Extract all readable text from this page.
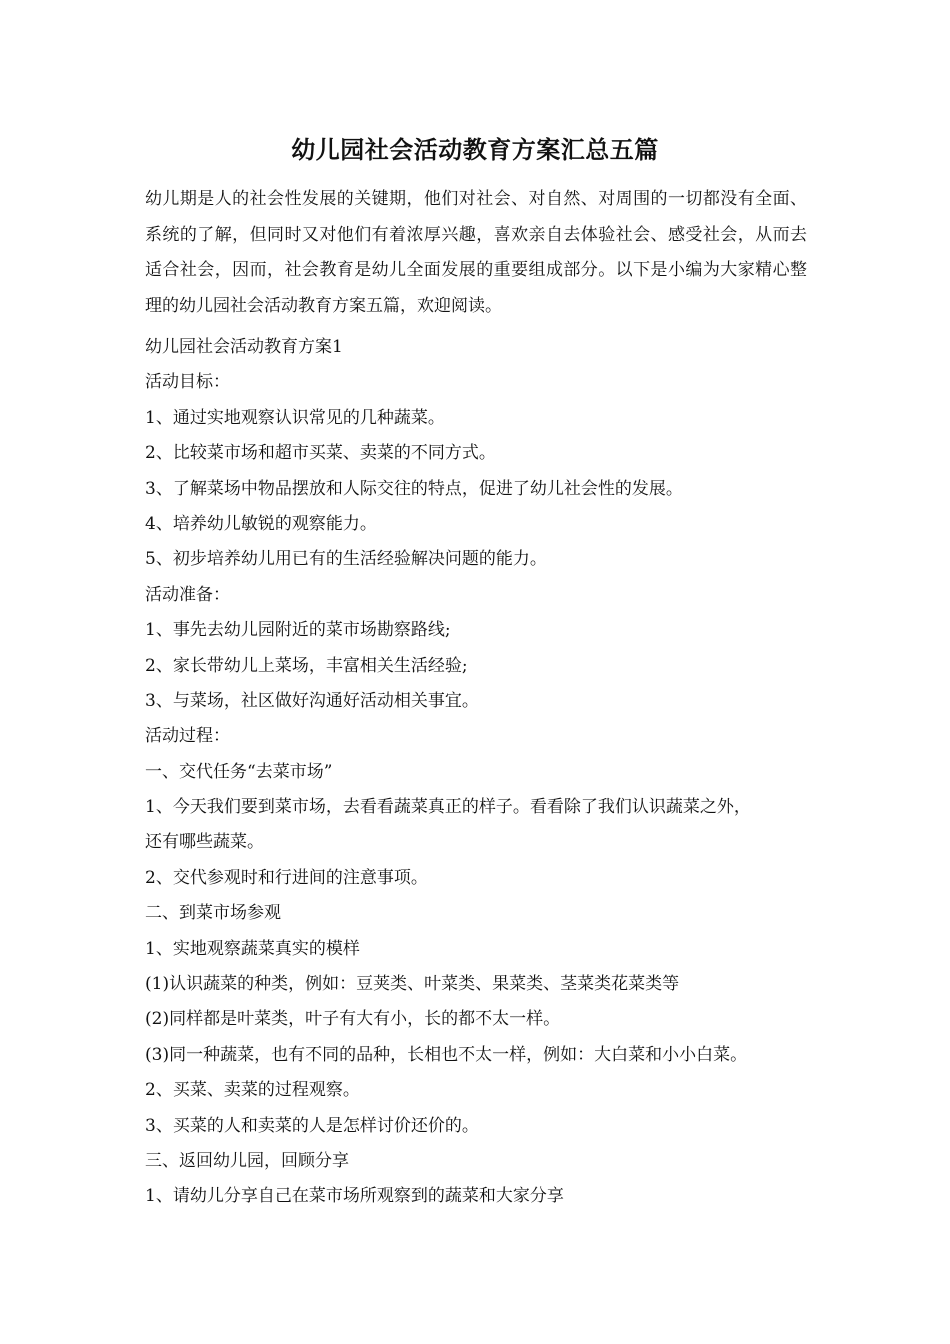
幼儿园社会活动教育方案汇总五篇
幼儿期是人的社会性发展的关键期，他们对社会、对自然、对周围的一切都没有全面、系统的了解，但同时又对他们有着浓厚兴趣，喜欢亲自去体验社会、感受社会，从而去适合社会，因而，社会教育是幼儿全面发展的重要组成部分。以下是小编为大家精心整理的幼儿园社会活动教育方案五篇，欢迎阅读。
幼儿园社会活动教育方案1
活动目标：
1、通过实地观察认识常见的几种蔬菜。
2、比较菜市场和超市买菜、卖菜的不同方式。
3、了解菜场中物品摆放和人际交往的特点，促进了幼儿社会性的发展。
4、培养幼儿敏锐的观察能力。
5、初步培养幼儿用已有的生活经验解决问题的能力。
活动准备：
1、事先去幼儿园附近的菜市场勘察路线;
2、家长带幼儿上菜场，丰富相关生活经验;
3、与菜场，社区做好沟通好活动相关事宜。
活动过程：
一、交代任务“去菜市场”
1、今天我们要到菜市场，去看看蔬菜真正的样子。看看除了我们认识蔬菜之外，
还有哪些蔬菜。
2、交代参观时和行进间的注意事项。
二、到菜市场参观
1、实地观察蔬菜真实的模样
(1)认识蔬菜的种类，例如：豆荚类、叶菜类、果菜类、茎菜类花菜类等
(2)同样都是叶菜类，叶子有大有小，长的都不太一样。
(3)同一种蔬菜，也有不同的品种，长相也不太一样，例如：大白菜和小小白菜。
2、买菜、卖菜的过程观察。
3、买菜的人和卖菜的人是怎样讨价还价的。
三、返回幼儿园，回顾分享
1、请幼儿分享自己在菜市场所观察到的蔬菜和大家分享
